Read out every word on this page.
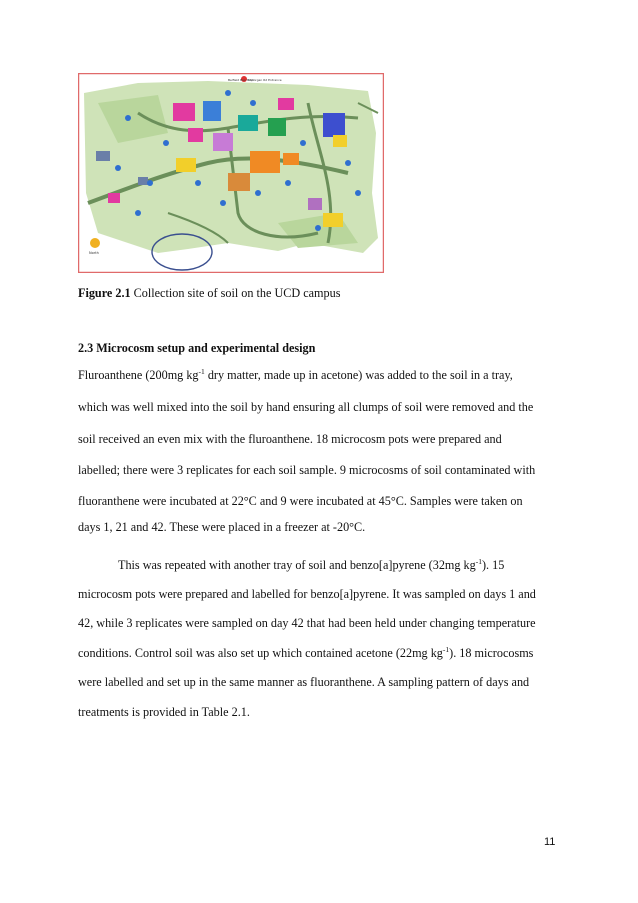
Belfield Bus Stop
Stillorgan Rd Entrance
North
Figure 2.1 Collection site of soil on the UCD campus
2.3 Microcosm setup and experimental design
Fluroanthene (200mg $kg^{-1}$ dry matter, made up in acetone) was added to the soil in a tray,
which was well mixed into the soil by hand ensuring all clumps of soil were removed and the
soil received an even mix with the fluroanthene. 18 microcosm pots were prepared and
labelled; there were 3 replicates for each soil sample. 9 microcosms of soil contaminated with
fluoranthene were incubated at 22°C and 9 were incubated at 45°C. Samples were taken on
days 1, 21 and 42. These were placed in a freezer at -20°C.
This was repeated with another tray of soil and benzo[a]pyrene (32mg $kg^{-1}$). 15
microcosm pots were prepared and labelled for benzo[a]pyrene. It was sampled on days 1 and
42, while 3 replicates were sampled on day 42 that had been held under changing temperature
conditions. Control soil was also set up which contained acetone (22mg $kg^{-1}$). 18 microcosms
were labelled and set up in the same manner as fluoranthene. A sampling pattern of days and
treatments is provided in Table 2.1.
11
